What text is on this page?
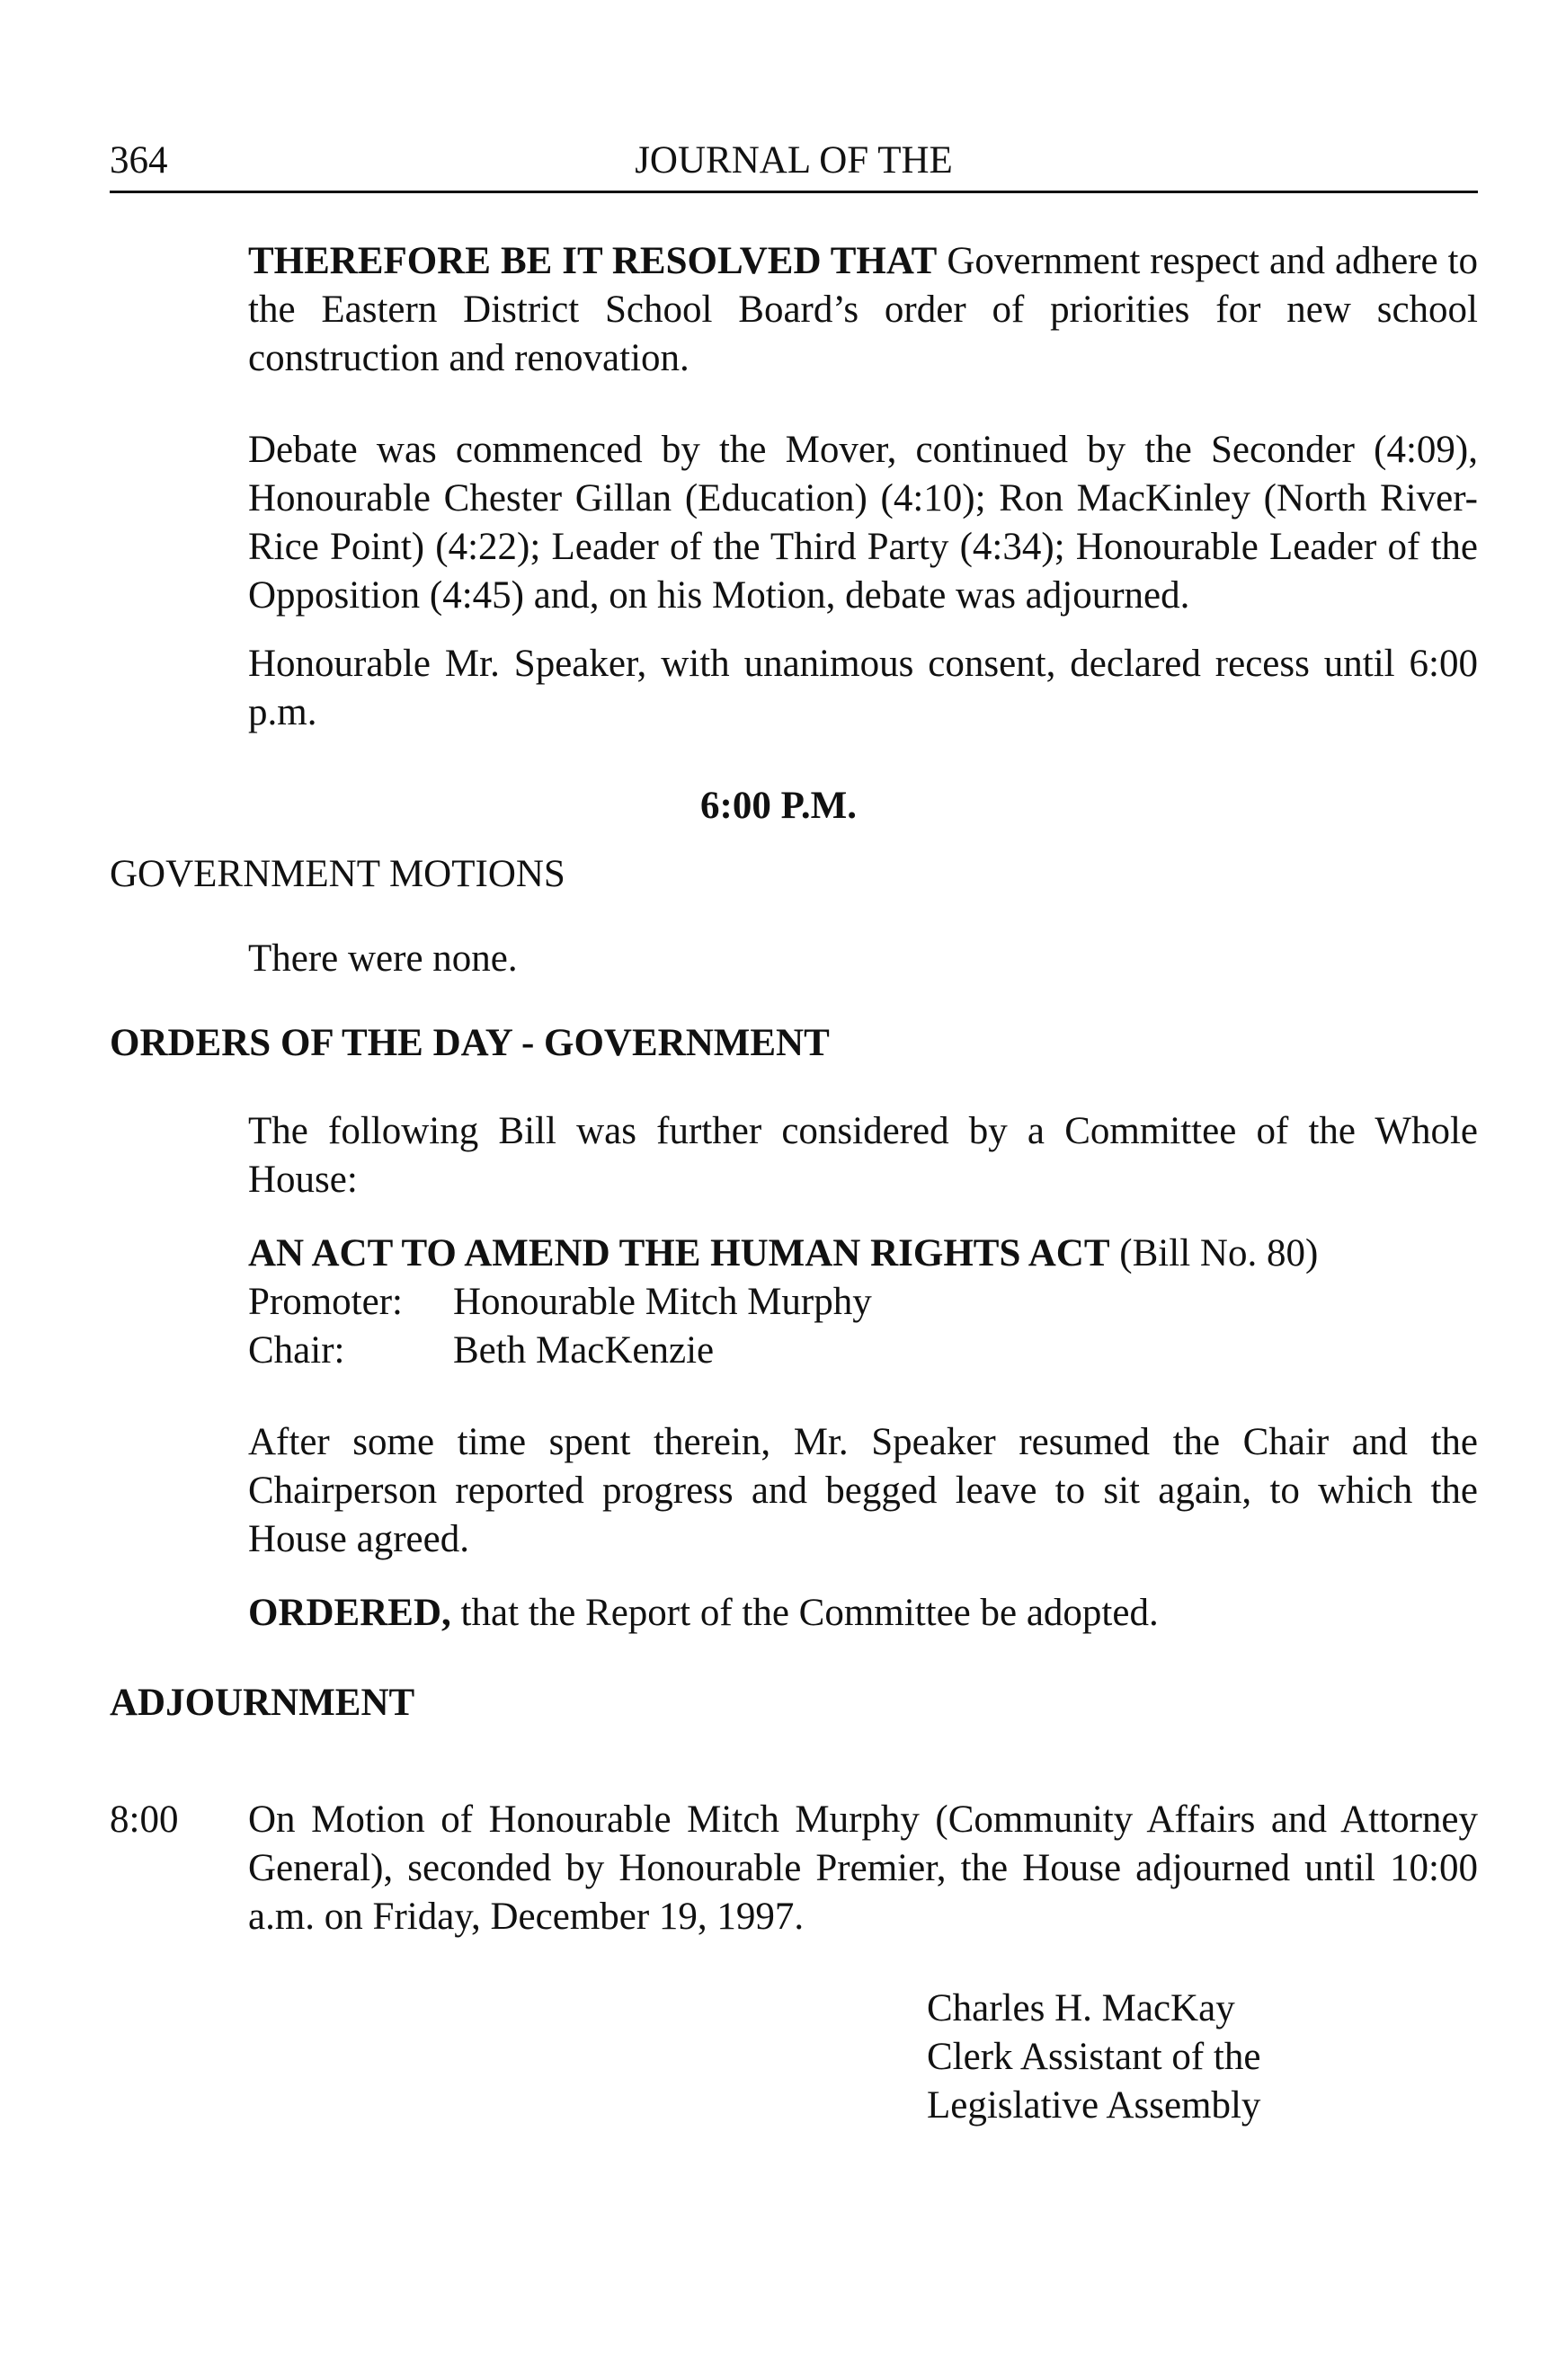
364	JOURNAL OF THE
THEREFORE BE IT RESOLVED THAT Government respect and adhere to the Eastern District School Board’s order of priorities for new school construction and renovation.
Debate was commenced by the Mover, continued by the Seconder (4:09), Honourable Chester Gillan (Education) (4:10); Ron MacKinley (North River-Rice Point) (4:22); Leader of the Third Party (4:34); Honourable Leader of the Opposition (4:45) and, on his Motion, debate was adjourned.
Honourable Mr. Speaker, with unanimous consent, declared recess until 6:00 p.m.
6:00 P.M.
GOVERNMENT MOTIONS
There were none.
ORDERS OF THE DAY - GOVERNMENT
The following Bill was further considered by a Committee of the Whole House:
AN ACT TO AMEND THE HUMAN RIGHTS ACT (Bill No. 80)
Promoter: Honourable Mitch Murphy
Chair:	Beth MacKenzie
After some time spent therein, Mr. Speaker resumed the Chair and the Chairperson reported progress and begged leave to sit again, to which the House agreed.
ORDERED, that the Report of the Committee be adopted.
ADJOURNMENT
8:00 On Motion of Honourable Mitch Murphy (Community Affairs and Attorney General), seconded by Honourable Premier, the House adjourned until 10:00 a.m. on Friday, December 19, 1997.
Charles H. MacKay
Clerk Assistant of the
Legislative Assembly
